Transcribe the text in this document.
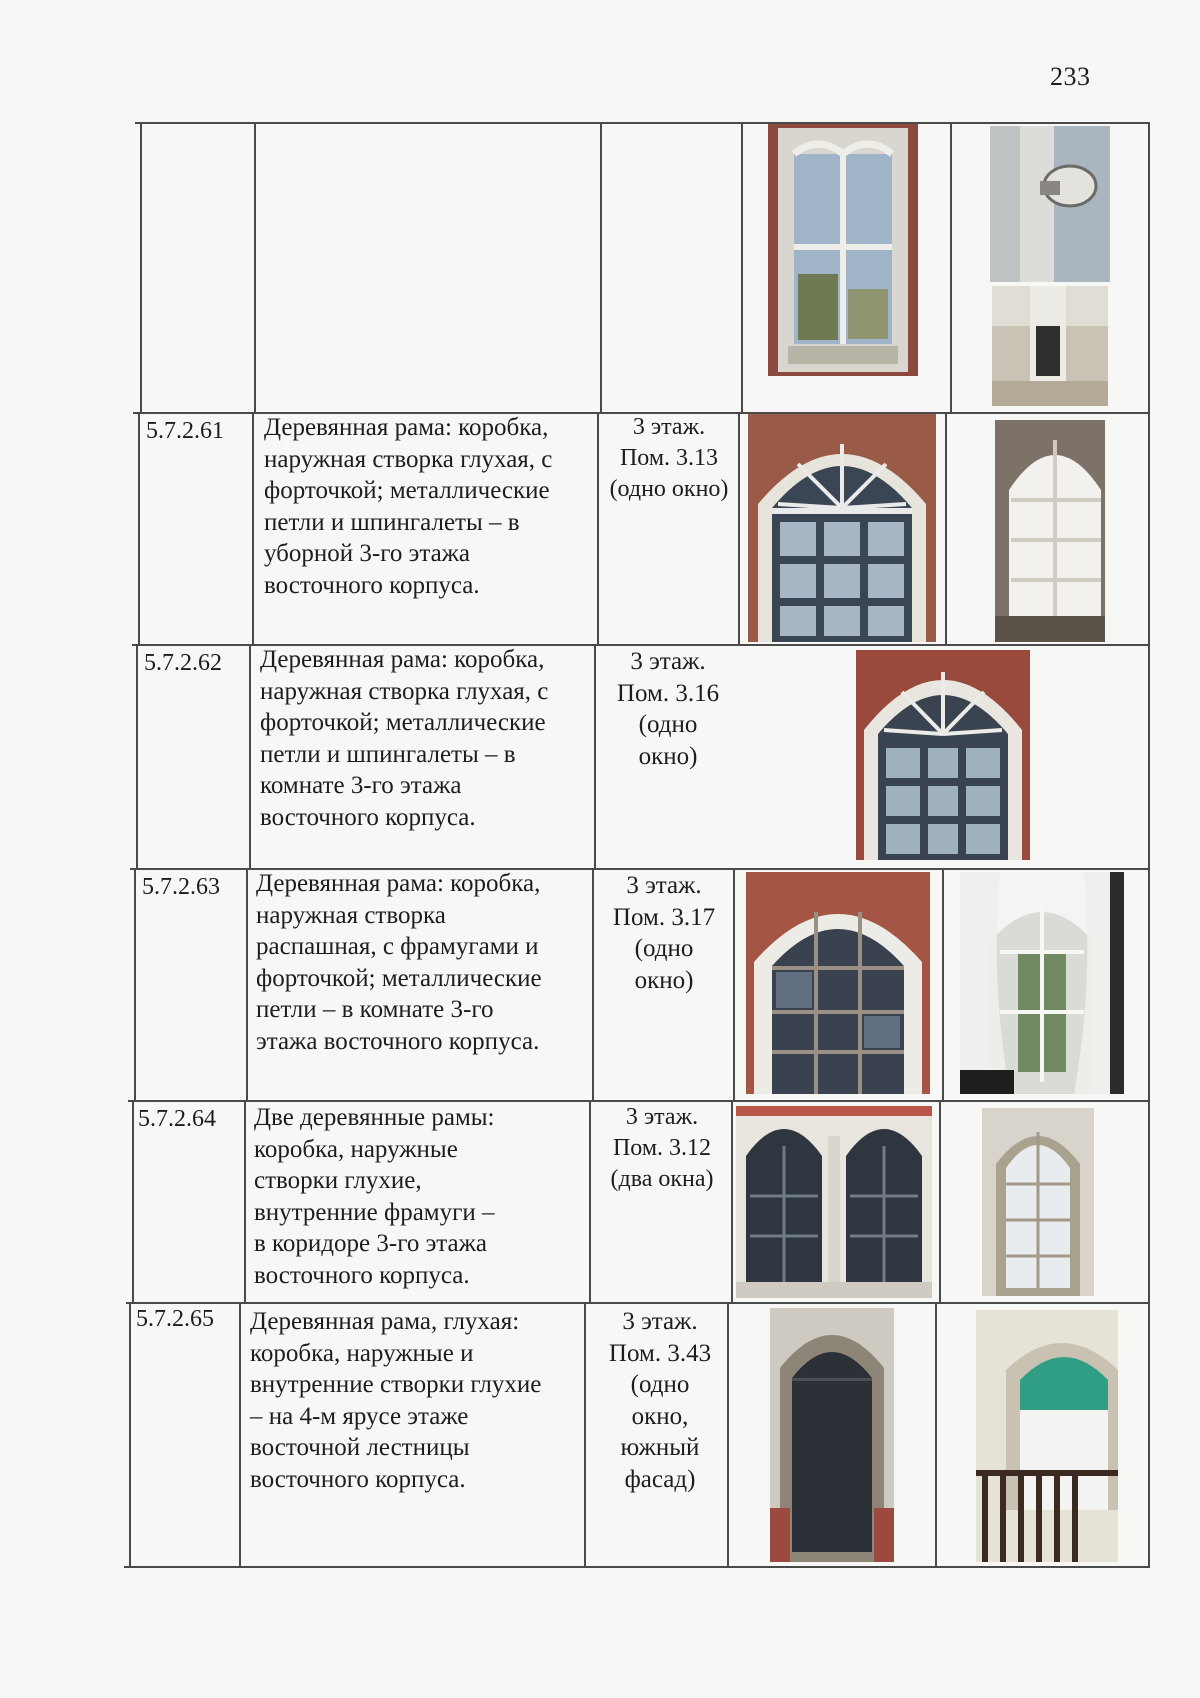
233
5.7.2.61 Деревянная рама: коробка,
наружная створка глухая, с
форточкой; металлические
петли и шпингалеты – в
уборной 3-го этажа
восточного корпуса.
3 этаж.
Пом. 3.13
(одно окно)
5.7.2.62 Деревянная рама: коробка,
наружная створка глухая, с
форточкой; металлические
петли и шпингалеты – в
комнате 3-го этажа
восточного корпуса.
3 этаж.
Пом. 3.16
(одно
окно)
5.7.2.63 Деревянная рама: коробка,
наружная створка
распашная, с фрамугами и
форточкой; металлические
петли – в комнате 3-го
этажа восточного корпуса.
3 этаж.
Пом. 3.17
(одно
окно)
5.7.2.64 Две деревянные рамы:
коробка, наружные
створки глухие,
внутренние фрамуги –
в коридоре 3-го этажа
восточного корпуса.
3 этаж.
Пом. 3.12
(два окна)
5.7.2.65 Деревянная рама, глухая:
коробка, наружные и
внутренние створки глухие
– на 4-м ярусе этаже
восточной лестницы
восточного корпуса.
3 этаж.
Пом. 3.43
(одно
окно,
южный
фасад)
